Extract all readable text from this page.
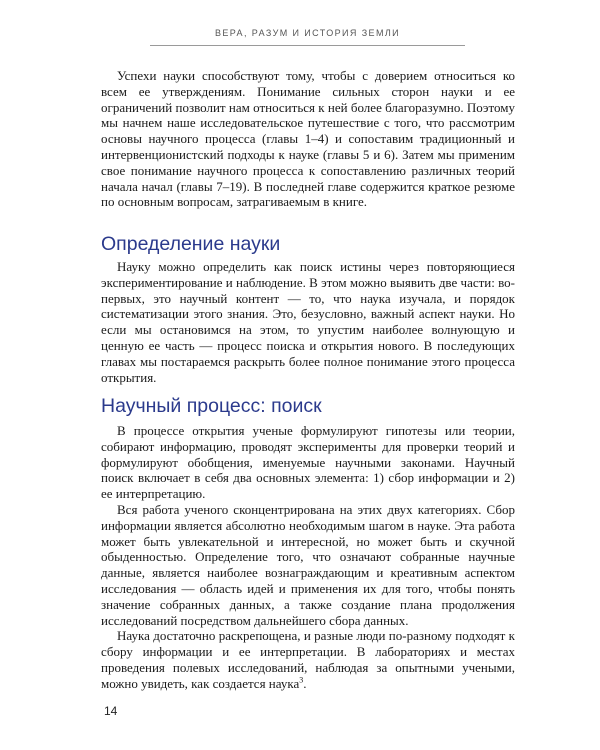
ВЕРА, РАЗУМ И ИСТОРИЯ ЗЕМЛИ

Успехи науки способствуют тому, чтобы с доверием относиться ко всем ее утверждениям. Понимание сильных сторон науки и ее ограничений позволит нам относиться к ней более благоразумно. Поэтому мы начнем наше исследовательское путешествие с того, что рассмотрим основы научного процесса (главы 1–4) и сопоставим традиционный и интервенционистский подходы к науке (главы 5 и 6). Затем мы применим свое понимание научного процесса к сопоставлению различных теорий начала начал (главы 7–19). В последней главе содержится краткое резюме по основным вопросам, затрагиваемым в книге.

Определение науки

Науку можно определить как поиск истины через повторяющиеся экспериментирование и наблюдение. В этом можно выявить две части: во-первых, это научный контент — то, что наука изучала, и порядок систематизации этого знания. Это, безусловно, важный аспект науки. Но если мы остановимся на этом, то упустим наиболее волнующую и ценную ее часть — процесс поиска и открытия нового. В последующих главах мы постараемся раскрыть более полное понимание этого процесса открытия.

Научный процесс: поиск

В процессе открытия ученые формулируют гипотезы или теории, собирают информацию, проводят эксперименты для проверки теорий и формулируют обобщения, именуемые научными законами. Научный поиск включает в себя два основных элемента: 1) сбор информации и 2) ее интерпретацию.

Вся работа ученого сконцентрирована на этих двух категориях. Сбор информации является абсолютно необходимым шагом в науке. Эта работа может быть увлекательной и интересной, но может быть и скучной обыденностью. Определение того, что означают собранные научные данные, является наиболее вознаграждающим и креативным аспектом исследования — область идей и применения их для того, чтобы понять значение собранных данных, а также создание плана продолжения исследований посредством дальнейшего сбора данных.

Наука достаточно раскрепощена, и разные люди по-разному подходят к сбору информации и ее интерпретации. В лабораториях и местах проведения полевых исследований, наблюдая за опытными учеными, можно увидеть, как создается наука$^3$.

14
